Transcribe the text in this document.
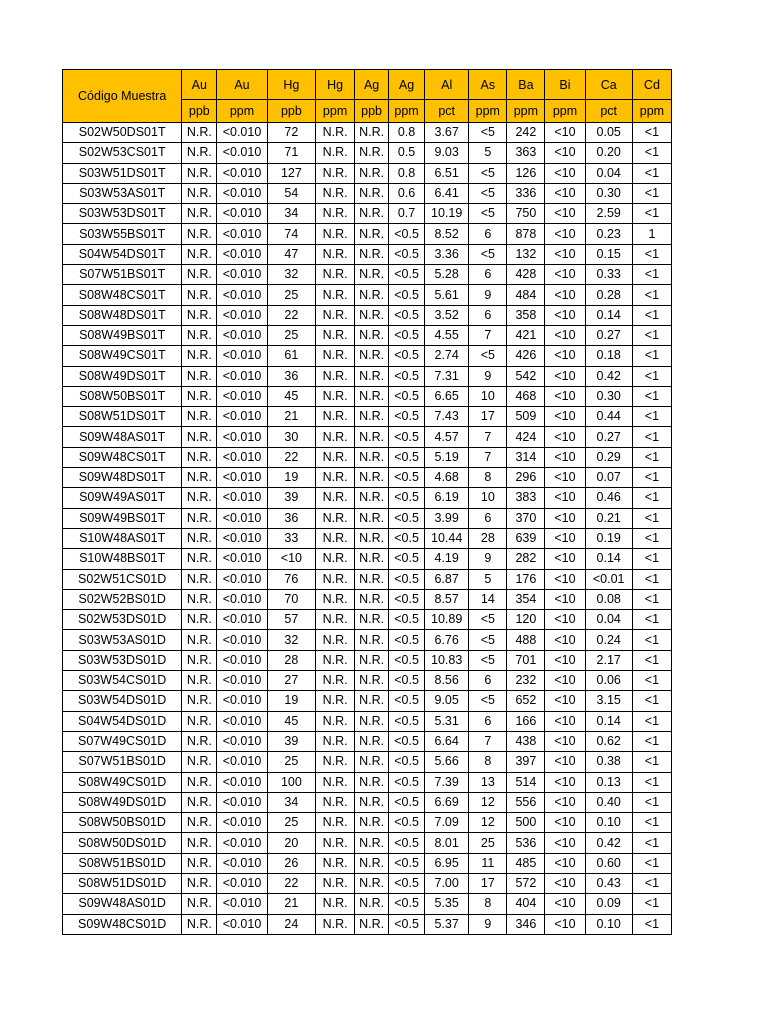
Código Muestra	Au	Au	Hg	Hg	Ag	Ag	Al	As	Ba	Bi	Ca	Cd
	ppb	ppm	ppb	ppm	ppb	ppm	pct	ppm	ppm	ppm	pct	ppm
S02W50DS01T	N.R.	<0.010	72	N.R.	N.R.	0.8	3.67	<5	242	<10	0.05	<1
S02W53CS01T	N.R.	<0.010	71	N.R.	N.R.	0.5	9.03	5	363	<10	0.20	<1
S03W51DS01T	N.R.	<0.010	127	N.R.	N.R.	0.8	6.51	<5	126	<10	0.04	<1
S03W53AS01T	N.R.	<0.010	54	N.R.	N.R.	0.6	6.41	<5	336	<10	0.30	<1
S03W53DS01T	N.R.	<0.010	34	N.R.	N.R.	0.7	10.19	<5	750	<10	2.59	<1
S03W55BS01T	N.R.	<0.010	74	N.R.	N.R.	<0.5	8.52	6	878	<10	0.23	1
S04W54DS01T	N.R.	<0.010	47	N.R.	N.R.	<0.5	3.36	<5	132	<10	0.15	<1
S07W51BS01T	N.R.	<0.010	32	N.R.	N.R.	<0.5	5.28	6	428	<10	0.33	<1
S08W48CS01T	N.R.	<0.010	25	N.R.	N.R.	<0.5	5.61	9	484	<10	0.28	<1
S08W48DS01T	N.R.	<0.010	22	N.R.	N.R.	<0.5	3.52	6	358	<10	0.14	<1
S08W49BS01T	N.R.	<0.010	25	N.R.	N.R.	<0.5	4.55	7	421	<10	0.27	<1
S08W49CS01T	N.R.	<0.010	61	N.R.	N.R.	<0.5	2.74	<5	426	<10	0.18	<1
S08W49DS01T	N.R.	<0.010	36	N.R.	N.R.	<0.5	7.31	9	542	<10	0.42	<1
S08W50BS01T	N.R.	<0.010	45	N.R.	N.R.	<0.5	6.65	10	468	<10	0.30	<1
S08W51DS01T	N.R.	<0.010	21	N.R.	N.R.	<0.5	7.43	17	509	<10	0.44	<1
S09W48AS01T	N.R.	<0.010	30	N.R.	N.R.	<0.5	4.57	7	424	<10	0.27	<1
S09W48CS01T	N.R.	<0.010	22	N.R.	N.R.	<0.5	5.19	7	314	<10	0.29	<1
S09W48DS01T	N.R.	<0.010	19	N.R.	N.R.	<0.5	4.68	8	296	<10	0.07	<1
S09W49AS01T	N.R.	<0.010	39	N.R.	N.R.	<0.5	6.19	10	383	<10	0.46	<1
S09W49BS01T	N.R.	<0.010	36	N.R.	N.R.	<0.5	3.99	6	370	<10	0.21	<1
S10W48AS01T	N.R.	<0.010	33	N.R.	N.R.	<0.5	10.44	28	639	<10	0.19	<1
S10W48BS01T	N.R.	<0.010	<10	N.R.	N.R.	<0.5	4.19	9	282	<10	0.14	<1
S02W51CS01D	N.R.	<0.010	76	N.R.	N.R.	<0.5	6.87	5	176	<10	<0.01	<1
S02W52BS01D	N.R.	<0.010	70	N.R.	N.R.	<0.5	8.57	14	354	<10	0.08	<1
S02W53DS01D	N.R.	<0.010	57	N.R.	N.R.	<0.5	10.89	<5	120	<10	0.04	<1
S03W53AS01D	N.R.	<0.010	32	N.R.	N.R.	<0.5	6.76	<5	488	<10	0.24	<1
S03W53DS01D	N.R.	<0.010	28	N.R.	N.R.	<0.5	10.83	<5	701	<10	2.17	<1
S03W54CS01D	N.R.	<0.010	27	N.R.	N.R.	<0.5	8.56	6	232	<10	0.06	<1
S03W54DS01D	N.R.	<0.010	19	N.R.	N.R.	<0.5	9.05	<5	652	<10	3.15	<1
S04W54DS01D	N.R.	<0.010	45	N.R.	N.R.	<0.5	5.31	6	166	<10	0.14	<1
S07W49CS01D	N.R.	<0.010	39	N.R.	N.R.	<0.5	6.64	7	438	<10	0.62	<1
S07W51BS01D	N.R.	<0.010	25	N.R.	N.R.	<0.5	5.66	8	397	<10	0.38	<1
S08W49CS01D	N.R.	<0.010	100	N.R.	N.R.	<0.5	7.39	13	514	<10	0.13	<1
S08W49DS01D	N.R.	<0.010	34	N.R.	N.R.	<0.5	6.69	12	556	<10	0.40	<1
S08W50BS01D	N.R.	<0.010	25	N.R.	N.R.	<0.5	7.09	12	500	<10	0.10	<1
S08W50DS01D	N.R.	<0.010	20	N.R.	N.R.	<0.5	8.01	25	536	<10	0.42	<1
S08W51BS01D	N.R.	<0.010	26	N.R.	N.R.	<0.5	6.95	11	485	<10	0.60	<1
S08W51DS01D	N.R.	<0.010	22	N.R.	N.R.	<0.5	7.00	17	572	<10	0.43	<1
S09W48AS01D	N.R.	<0.010	21	N.R.	N.R.	<0.5	5.35	8	404	<10	0.09	<1
S09W48CS01D	N.R.	<0.010	24	N.R.	N.R.	<0.5	5.37	9	346	<10	0.10	<1
